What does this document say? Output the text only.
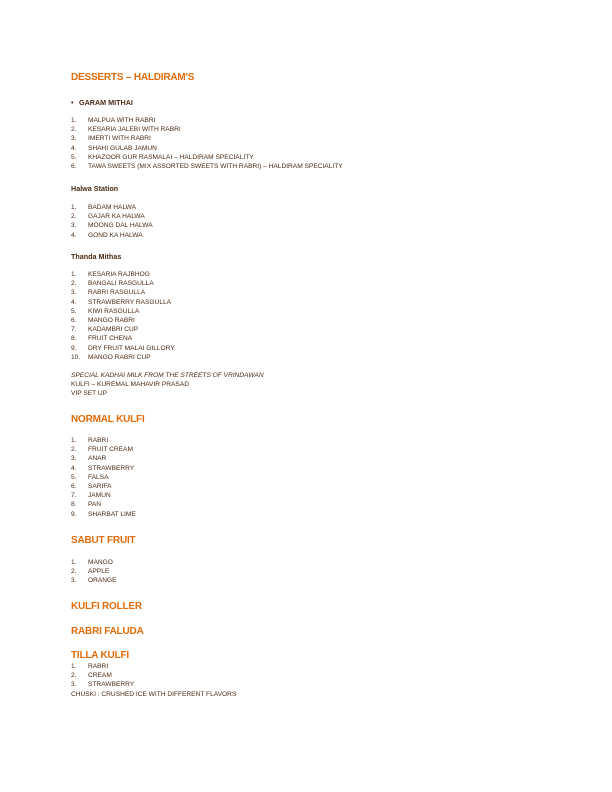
DESSERTS – HALDIRAM'S
• GARAM MITHAI
1.	MALPUA WITH RABRI
2.	KESARIA JALEBI WITH RABRI
3.	IMERTI WITH RABRI
4.	SHAHI GULAB JAMUN
5.	KHAZOOR GUR RASMALAI – HALDIRAM SPECIALITY
6.	TAWA SWEETS (MIX ASSORTED SWEETS WITH RABRI) – HALDIRAM SPECIALITY
Halwa Station
1.	BADAM HALWA
2.	GAJAR KA HALWA
3.	MOONG DAL HALWA
4.	GOND KA HALWA
Thanda Mithas
1.	KESARIA RAJBHOG
2.	BANGALI RASGULLA
3.	RABRI RASGULLA
4.	STRAWBERRY RASGULLA
5.	KIWI RASGULLA
6.	MANGO RABRI
7.	KADAMBRI CUP
8.	FRUIT CHENA
9.	DRY FRUIT MALAI GILLORY
10.	MANGO RABRI CUP
SPECIAL KADHAI MILK FROM THE STREETS OF VRINDAWAN
KULFI – KUREMAL MAHAVIR PRASAD
VIP SET UP
NORMAL KULFI
1.	RABRI
2.	FRUIT CREAM
3.	ANAR
4.	STRAWBERRY
5.	FALSA
6.	SARIFA
7.	JAMUN
8.	PAN
9.	SHARBAT LIME
SABUT FRUIT
1.	MANGO
2.	APPLE
3.	ORANGE
KULFI ROLLER
RABRI FALUDA
TILLA KULFI
1.	RABRI
2.	CREAM
3.	STRAWBERRY
CHUSKI : CRUSHED ICE WITH DIFFERENT FLAVORS
